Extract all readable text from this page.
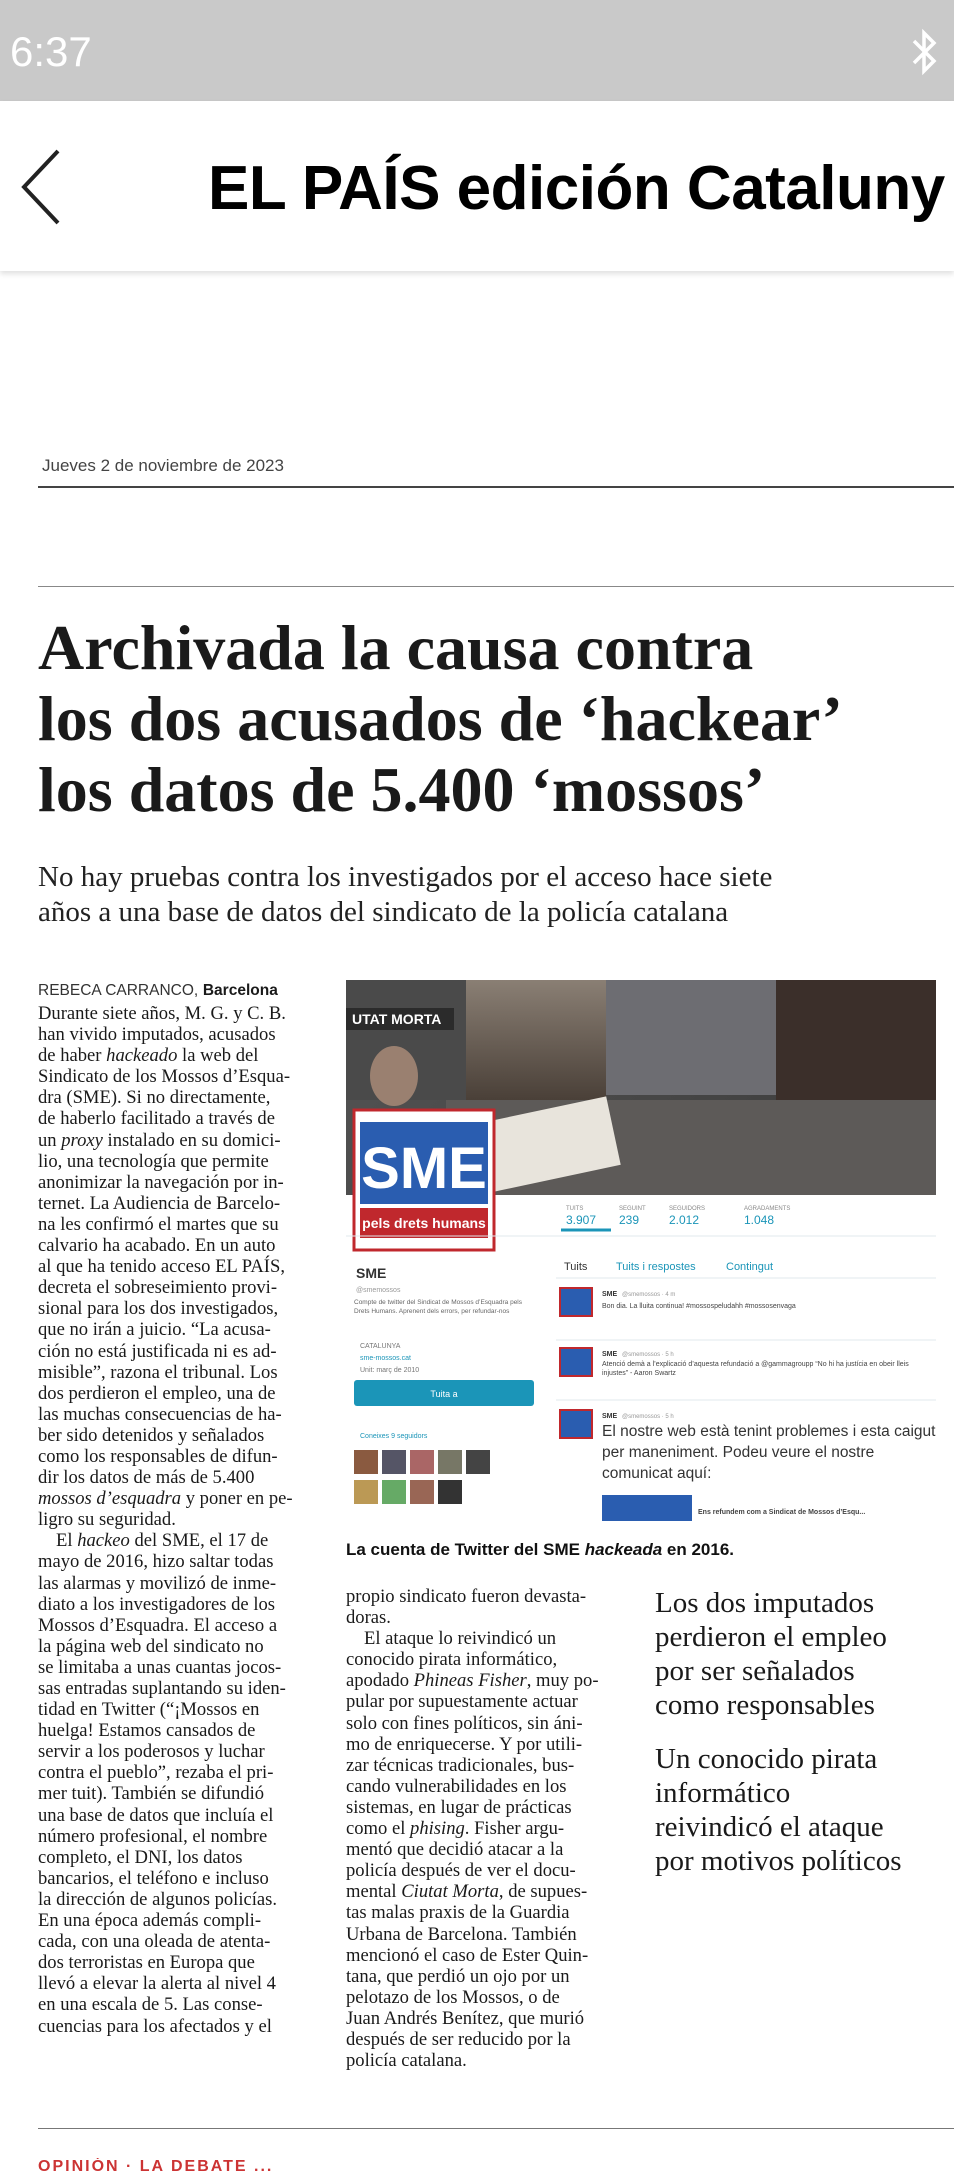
6:37
EL PAÍS edición Cataluny
Jueves 2 de noviembre de 2023
Archivada la causa contra
los dos acusados de ‘hackear’
los datos de 5.400 ‘mossos’

No hay pruebas contra los investigados por el acceso hace siete
años a una base de datos del sindicato de la policía catalana

REBECA CARRANCO, Barcelona
Durante siete años, M. G. y C. B.
han vivido imputados, acusados
de haber hackeado la web del
Sindicato de los Mossos d’Esqua-
dra (SME). Si no directamente,
de haberlo facilitado a través de
un proxy instalado en su domici-
lio, una tecnología que permite
anonimizar la navegación por in-
ternet. La Audiencia de Barcelo-
na les confirmó el martes que su
calvario ha acabado. En un auto
al que ha tenido acceso EL PAÍS,
decreta el sobreseimiento provi-
sional para los dos investigados,
que no irán a juicio. “La acusa-
ción no está justificada ni es ad-
misible”, razona el tribunal. Los
dos perdieron el empleo, una de
las muchas consecuencias de ha-
ber sido detenidos y señalados
como los responsables de difun-
dir los datos de más de 5.400
mossos d’esquadra y poner en pe-
ligro su seguridad.
El hackeo del SME, el 17 de
mayo de 2016, hizo saltar todas
las alarmas y movilizó de inme-
diato a los investigadores de los
Mossos d’Esquadra. El acceso a
la página web del sindicato no
se limitaba a unas cuantas jocos-
sas entradas suplantando su iden-
tidad en Twitter (“¡Mossos en
huelga! Estamos cansados de
servir a los poderosos y luchar
contra el pueblo”, rezaba el pri-
mer tuit). También se difundió
una base de datos que incluía el
número profesional, el nombre
completo, el DNI, los datos
bancarios, el teléfono e incluso
la dirección de algunos policías.
En una época además compli-
cada, con una oleada de atenta-
dos terroristas en Europa que
llevó a elevar la alerta al nivel 4
en una escala de 5. Las conse-
cuencias para los afectados y el
UTAT MORTA
SME
pels drets humans
TUITS	SEGUINT	SEGUIDORS	AGRADAMENTS
3.907 239 2.012	1.048
Tuits	Tuits i respostes	Contingut
SME
@smemossos
Compte de twitter del Sindicat de Mossos d’Esquadra pels Drets Humans. Aprenent dels errors, per refundar-nos
CATALUNYA
sme-mossos.cat
Unit: març de 2010
Tuita a
Coneixes 9 seguidors
SME @smemossos · 4 m
Bon dia. La lluita continua! #mossospeludahh #mossosenvaga
SME @smemossos · 5 h
Atenció demà a l’explicació d’aquesta refundació a @gammagroupp “No hi ha justícia en obeir lleis injustes” - Aaron Swartz
SME @smemossos · 5 h
El nostre web està tenint problemes i esta caigut per maneniment. Podeu veure el nostre comunicat aquí:
Ens refundem com a Sindicat de Mossos d’Esqu...
La cuenta de Twitter del SME hackeada en 2016.
propio sindicato fueron devasta-
doras.
El ataque lo reivindicó un
conocido pirata informático,
apodado Phineas Fisher, muy po-
pular por supuestamente actuar
solo con fines políticos, sin áni-
mo de enriquecerse. Y por utili-
zar técnicas tradicionales, bus-
cando vulnerabilidades en los
sistemas, en lugar de prácticas
como el phising. Fisher argu-
mentó que decidió atacar a la
policía después de ver el docu-
mental Ciutat Morta, de supues-
tas malas praxis de la Guardia
Urbana de Barcelona. También
mencionó el caso de Ester Quin-
tana, que perdió un ojo por un
pelotazo de los Mossos, o de
Juan Andrés Benítez, que murió
después de ser reducido por la
policía catalana.
Los dos imputados
perdieron el empleo
por ser señalados
como responsables
Un conocido pirata
informático
reivindicó el ataque
por motivos políticos
OPINIÓN · LA DEBATE ...
